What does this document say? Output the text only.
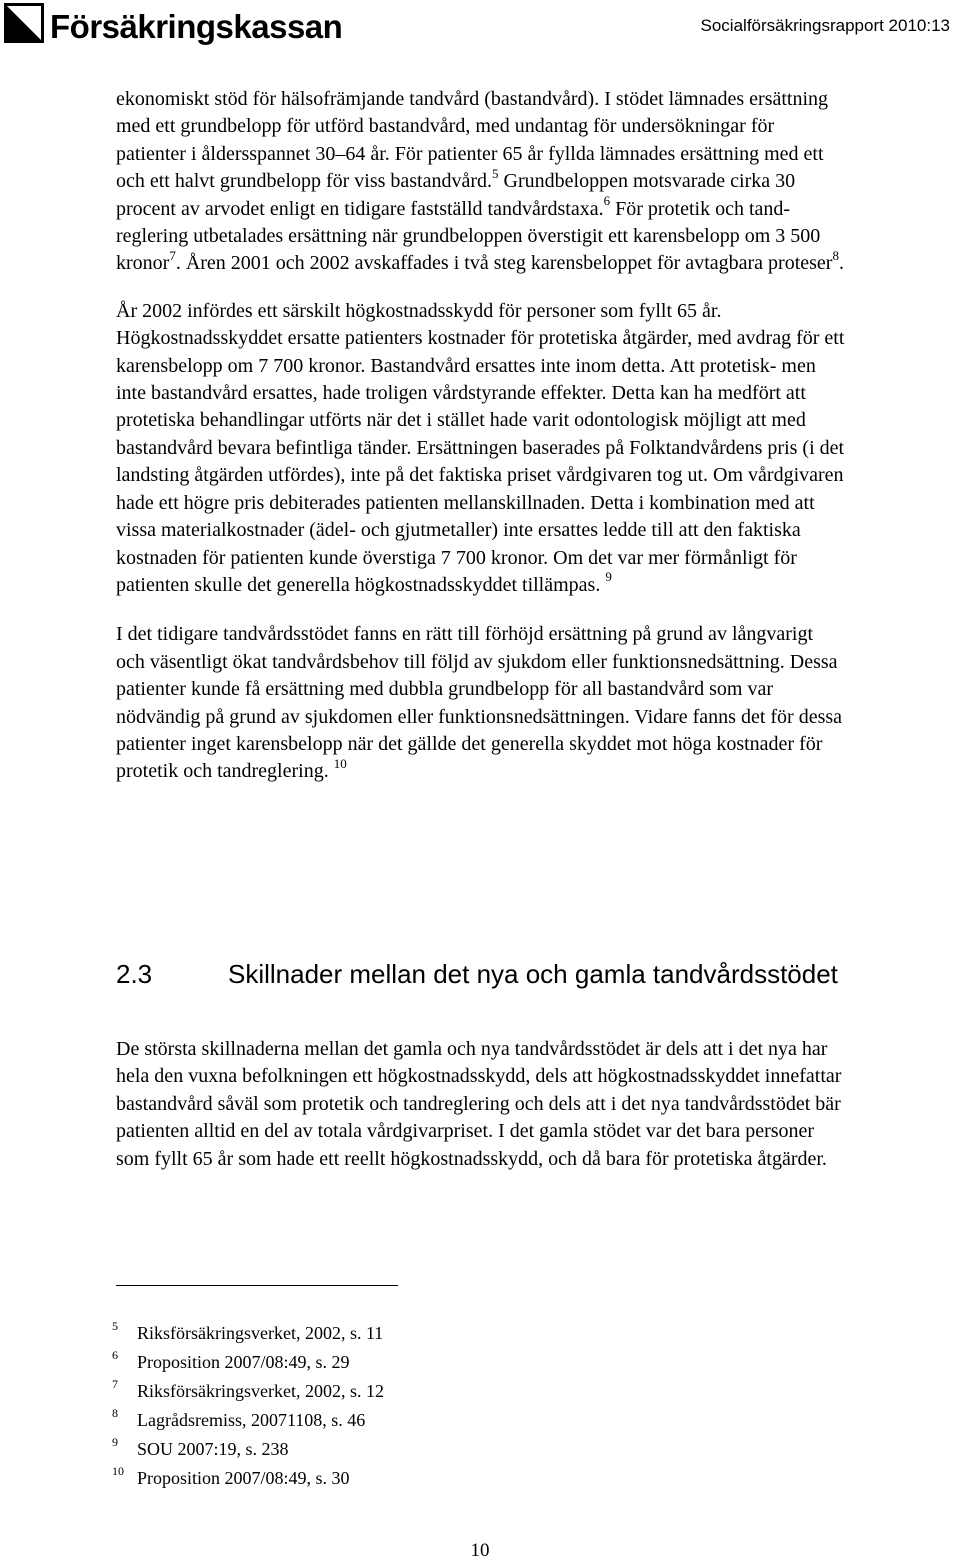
Försäkringskassan	Socialförsäkringsrapport 2010:13

ekonomiskt stöd för hälsofrämjande tandvård (bastandvård). I stödet lämnades ersättning med ett grundbelopp för utförd bastandvård, med undantag för undersökningar för patienter i åldersspannet 30–64 år. För patienter 65 år fyllda lämnades ersättning med ett och ett halvt grundbelopp för viss bastandvård.$^5$ Grundbeloppen motsvarade cirka 30 procent av arvodet enligt en tidigare fastställd tandvårdstaxa.$^6$ För protetik och tandreglering utbetalades ersättning när grundbeloppen överstigit ett karensbelopp om 3 500 kronor$^7$. Åren 2001 och 2002 avskaffades i två steg karensbeloppet för avtagbara proteser$^8$.

År 2002 infördes ett särskilt högkostnadsskydd för personer som fyllt 65 år. Högkostnadsskyddet ersatte patienters kostnader för protetiska åtgärder, med avdrag för ett karensbelopp om 7 700 kronor. Bastandvård ersattes inte inom detta. Att protetisk- men inte bastandvård ersattes, hade troligen vårdstyrande effekter. Detta kan ha medfört att protetiska behandlingar utförts när det i stället hade varit odontologisk möjligt att med bastandvård bevara befintliga tänder. Ersättningen baserades på Folktandvårdens pris (i det landsting åtgärden utfördes), inte på det faktiska priset vårdgivaren tog ut. Om vårdgivaren hade ett högre pris debiterades patienten mellanskillnaden. Detta i kombination med att vissa materialkostnader (ädel- och gjutmetaller) inte ersattes ledde till att den faktiska kostnaden för patienten kunde överstiga 7 700 kronor. Om det var mer förmånligt för patienten skulle det generella högkostnadsskyddet tillämpas. $^9$

I det tidigare tandvårdsstödet fanns en rätt till förhöjd ersättning på grund av långvarigt och väsentligt ökat tandvårdsbehov till följd av sjukdom eller funktionsnedsättning. Dessa patienter kunde få ersättning med dubbla grundbelopp för all bastandvård som var nödvändig på grund av sjukdomen eller funktionsnedsättningen. Vidare fanns det för dessa patienter inget karensbelopp när det gällde det generella skyddet mot höga kostnader för protetik och tandreglering. $^{10}$

2.3	Skillnader mellan det nya och gamla tandvårdsstödet

De största skillnaderna mellan det gamla och nya tandvårdsstödet är dels att i det nya har hela den vuxna befolkningen ett högkostnadsskydd, dels att högkostnadsskyddet innefattar bastandvård såväl som protetik och tandreglering och dels att i det nya tandvårdsstödet bär patienten alltid en del av totala vårdgivarpriset. I det gamla stödet var det bara personer som fyllt 65 år som hade ett reellt högkostnadsskydd, och då bara för protetiska åtgärder.

5	Riksförsäkringsverket, 2002, s. 11
6	Proposition 2007/08:49, s. 29
7	Riksförsäkringsverket, 2002, s. 12
8	Lagrådsremiss, 20071108, s. 46
9	SOU 2007:19, s. 238
10 Proposition 2007/08:49, s. 30
10
